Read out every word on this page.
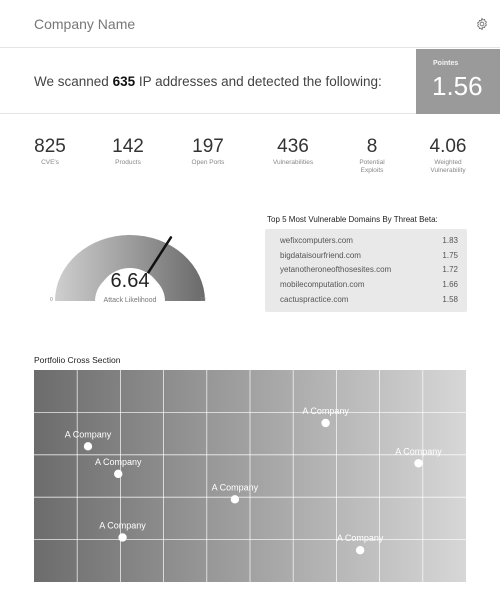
Company Name
We scanned 635 IP addresses and detected the following:
Pointes
1.56
825
CVE's
142
Products
197
Open Ports
436
Vulnerabilities
8
Potential
Exploits
4.06
Weighted
Vulnerability
6.64
Attack Likelihood
0	10
Top 5 Most Vulnerable Domains By Threat Beta:
wefixcomputers.com	1.83
bigdataisourfriend.com	1.75
yetanotheroneofthosesites.com	1.72
mobilecomputation.com	1.66
cactuspractice.com	1.58
Portfolio Cross Section
A Company
A Company
A Company
A Company
A Company
A Company
A Company
